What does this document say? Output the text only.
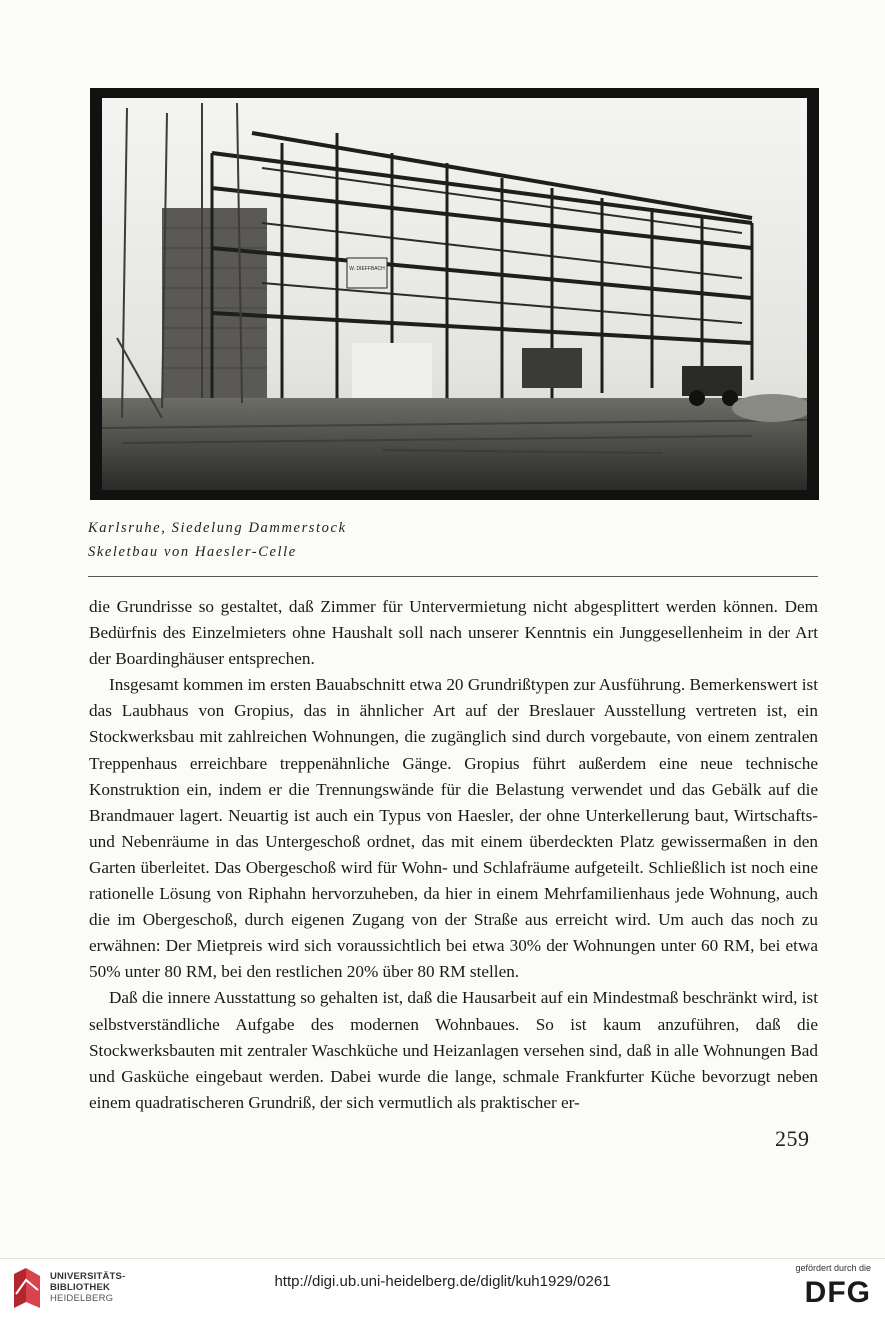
W. DIEFFBACH
Karlsruhe, Siedelung Dammerstock
Skeletbau von Haesler-Celle

die Grundrisse so gestaltet, daß Zimmer für Untervermietung nicht abgesplittert werden können. Dem Bedürfnis des Einzelmieters ohne Haushalt soll nach unserer Kenntnis ein Junggesellenheim in der Art der Boardinghäuser entsprechen.

Insgesamt kommen im ersten Bauabschnitt etwa 20 Grundrißtypen zur Ausführung. Bemerkenswert ist das Laubhaus von Gropius, das in ähnlicher Art auf der Breslauer Ausstellung vertreten ist, ein Stockwerksbau mit zahlreichen Wohnungen, die zugänglich sind durch vorgebaute, von einem zentralen Treppenhaus erreichbare treppenähnliche Gänge. Gropius führt außerdem eine neue technische Konstruktion ein, indem er die Trennungswände für die Belastung verwendet und das Gebälk auf die Brandmauer lagert. Neuartig ist auch ein Typus von Haesler, der ohne Unterkellerung baut, Wirtschafts- und Nebenräume in das Untergeschoß ordnet, das mit einem überdeckten Platz gewissermaßen in den Garten überleitet. Das Obergeschoß wird für Wohn- und Schlafräume aufgeteilt. Schließlich ist noch eine rationelle Lösung von Riphahn hervorzuheben, da hier in einem Mehrfamilienhaus jede Wohnung, auch die im Obergeschoß, durch eigenen Zugang von der Straße aus erreicht wird. Um auch das noch zu erwähnen: Der Mietpreis wird sich voraussichtlich bei etwa 30% der Wohnungen unter 60 RM, bei etwa 50% unter 80 RM, bei den restlichen 20% über 80 RM stellen.

Daß die innere Ausstattung so gehalten ist, daß die Hausarbeit auf ein Mindestmaß beschränkt wird, ist selbstverständliche Aufgabe des modernen Wohnbaues. So ist kaum anzuführen, daß die Stockwerksbauten mit zentraler Waschküche und Heizanlagen versehen sind, daß in alle Wohnungen Bad und Gasküche eingebaut werden. Dabei wurde die lange, schmale Frankfurter Küche bevorzugt neben einem quadratischeren Grundriß, der sich vermutlich als praktischer er-

259
UNIVERSITÄTS-
BIBLIOTHEK
HEIDELBERG
http://digi.ub.uni-heidelberg.de/diglit/kuh1929/0261
gefördert durch die
DFG
